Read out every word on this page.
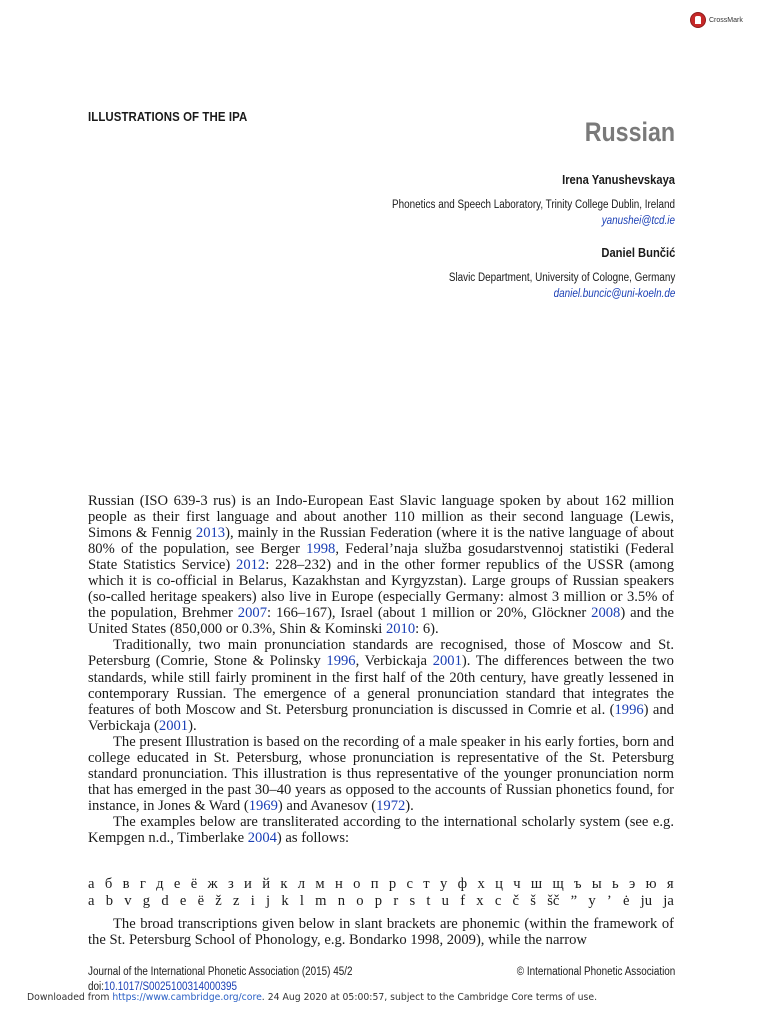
CrossMark
ILLUSTRATIONS OF THE IPA
Russian
Irena Yanushevskaya
Phonetics and Speech Laboratory, Trinity College Dublin, Ireland
yanushei@tcd.ie
Daniel Bunčić
Slavic Department, University of Cologne, Germany
daniel.buncic@uni-koeln.de

Russian (ISO 639-3 rus) is an Indo-European East Slavic language spoken by about 162 million people as their first language and about another 110 million as their second language (Lewis, Simons & Fennig 2013), mainly in the Russian Federation (where it is the native language of about 80% of the population, see Berger 1998, Federal’naja služba gosudarstvennoj statistiki (Federal State Statistics Service) 2012: 228–232) and in the other former republics of the USSR (among which it is co-official in Belarus, Kazakhstan and Kyrgyzstan). Large groups of Russian speakers (so-called heritage speakers) also live in Europe (especially Germany: almost 3 million or 3.5% of the population, Brehmer 2007: 166–167), Israel (about 1 million or 20%, Glöckner 2008) and the United States (850,000 or 0.3%, Shin & Kominski 2010: 6).

Traditionally, two main pronunciation standards are recognised, those of Moscow and St. Petersburg (Comrie, Stone & Polinsky 1996, Verbickaja 2001). The differences between the two standards, while still fairly prominent in the first half of the 20th century, have greatly lessened in contemporary Russian. The emergence of a general pronunciation standard that integrates the features of both Moscow and St. Petersburg pronunciation is discussed in Comrie et al. (1996) and Verbickaja (2001).

The present Illustration is based on the recording of a male speaker in his early forties, born and college educated in St. Petersburg, whose pronunciation is representative of the St. Petersburg standard pronunciation. This illustration is thus representative of the younger pronunciation norm that has emerged in the past 30–40 years as opposed to the accounts of Russian phonetics found, for instance, in Jones & Ward (1969) and Avanesov (1972).

The examples below are transliterated according to the international scholarly system (see e.g. Kempgen n.d., Timberlake 2004) as follows:

а б в г д е ё ж з и й к л м н о п р с т у ф х ц ч ш щ ъ ы ь э ю я
a b v g d e ë ž z i j k l m n o p r s t u f x c č š šč ” y ’ ė ju ja

The broad transcriptions given below in slant brackets are phonemic (within the framework of the St. Petersburg School of Phonology, e.g. Bondarko 1998, 2009), while the narrow

Journal of the International Phonetic Association (2015) 45/2	© International Phonetic Association
doi:10.1017/S0025100314000395
Downloaded from https://www.cambridge.org/core. 24 Aug 2020 at 05:00:57, subject to the Cambridge Core terms of use.
